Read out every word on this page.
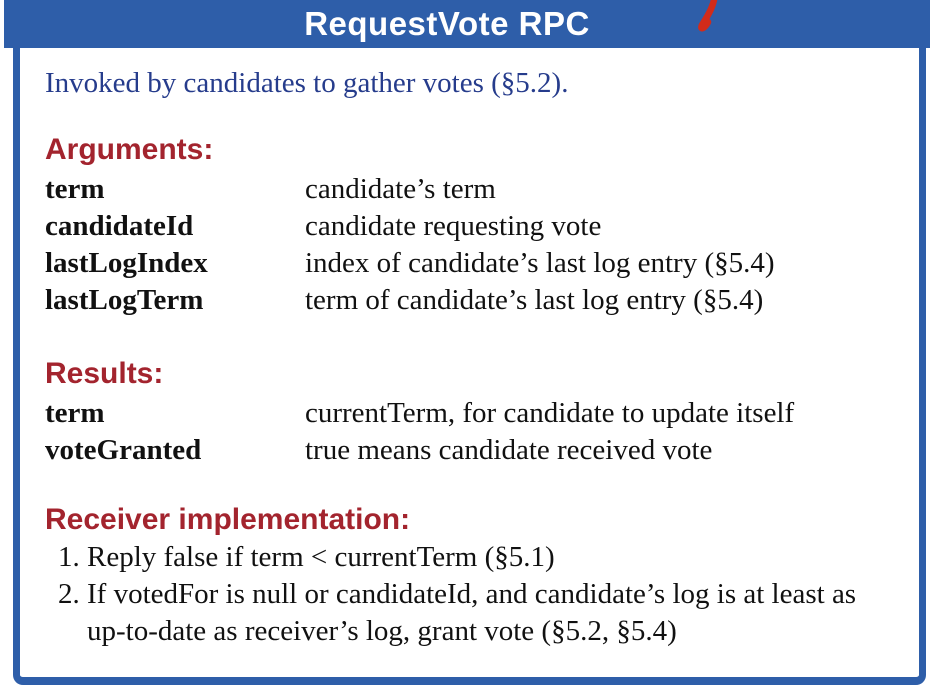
RequestVote RPC
Invoked by candidates to gather votes (§5.2).
Arguments:
term	candidate’s term
candidateId	candidate requesting vote
lastLogIndex	index of candidate’s last log entry (§5.4)
lastLogTerm	term of candidate’s last log entry (§5.4)
Results:
term	currentTerm, for candidate to update itself
voteGranted	true means candidate received vote
Receiver implementation:
1. Reply false if term < currentTerm (§5.1)
2. If votedFor is null or candidateId, and candidate’s log is at least as up-to-date as receiver’s log, grant vote (§5.2, §5.4)
